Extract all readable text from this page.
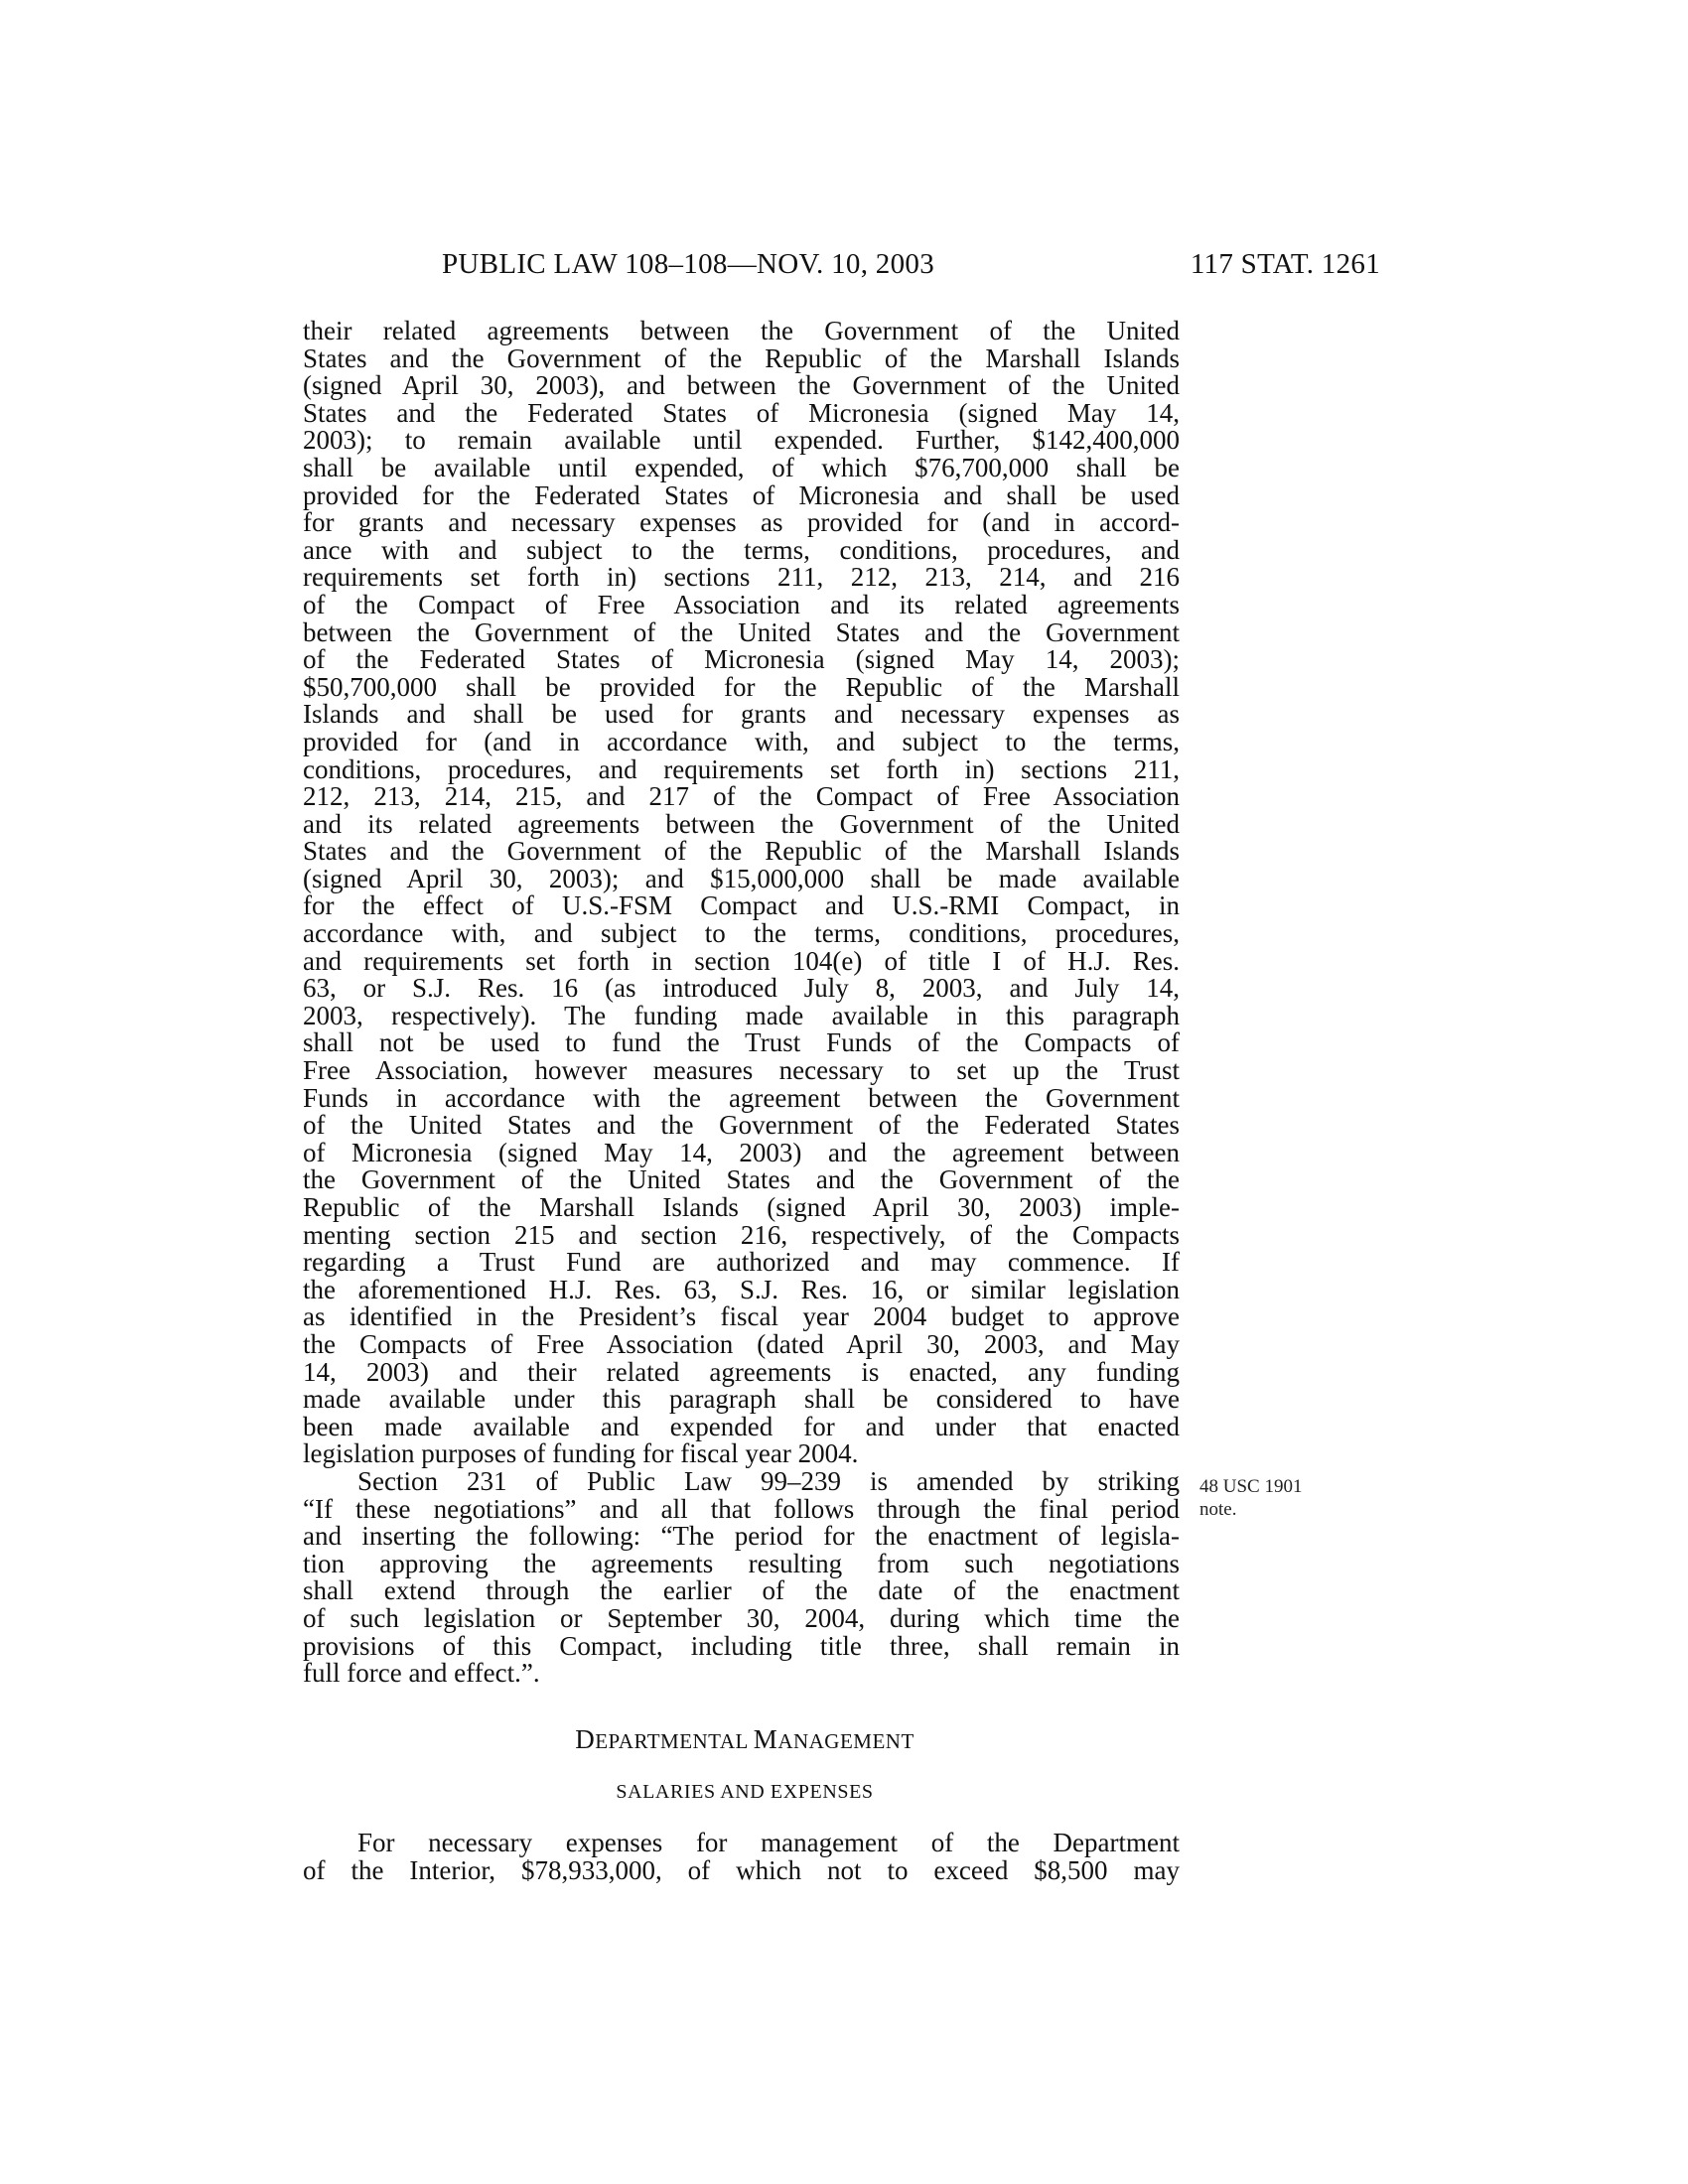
PUBLIC LAW 108–108—NOV. 10, 2003	117 STAT. 1261
their related agreements between the Government of the United
States and the Government of the Republic of the Marshall Islands
(signed April 30, 2003), and between the Government of the United
States and the Federated States of Micronesia (signed May 14,
2003); to remain available until expended. Further, $142,400,000
shall be available until expended, of which $76,700,000 shall be
provided for the Federated States of Micronesia and shall be used
for grants and necessary expenses as provided for (and in accord-
ance with and subject to the terms, conditions, procedures, and
requirements set forth in) sections 211, 212, 213, 214, and 216
of the Compact of Free Association and its related agreements
between the Government of the United States and the Government
of the Federated States of Micronesia (signed May 14, 2003);
$50,700,000 shall be provided for the Republic of the Marshall
Islands and shall be used for grants and necessary expenses as
provided for (and in accordance with, and subject to the terms,
conditions, procedures, and requirements set forth in) sections 211,
212, 213, 214, 215, and 217 of the Compact of Free Association
and its related agreements between the Government of the United
States and the Government of the Republic of the Marshall Islands
(signed April 30, 2003); and $15,000,000 shall be made available
for the effect of U.S.-FSM Compact and U.S.-RMI Compact, in
accordance with, and subject to the terms, conditions, procedures,
and requirements set forth in section 104(e) of title I of H.J. Res.
63, or S.J. Res. 16 (as introduced July 8, 2003, and July 14,
2003, respectively). The funding made available in this paragraph
shall not be used to fund the Trust Funds of the Compacts of
Free Association, however measures necessary to set up the Trust
Funds in accordance with the agreement between the Government
of the United States and the Government of the Federated States
of Micronesia (signed May 14, 2003) and the agreement between
the Government of the United States and the Government of the
Republic of the Marshall Islands (signed April 30, 2003) imple-
menting section 215 and section 216, respectively, of the Compacts
regarding a Trust Fund are authorized and may commence. If
the aforementioned H.J. Res. 63, S.J. Res. 16, or similar legislation
as identified in the President’s fiscal year 2004 budget to approve
the Compacts of Free Association (dated April 30, 2003, and May
14, 2003) and their related agreements is enacted, any funding
made available under this paragraph shall be considered to have
been made available and expended for and under that enacted
legislation purposes of funding for fiscal year 2004.
Section 231 of Public Law 99–239 is amended by striking
“If these negotiations” and all that follows through the final period
and inserting the following: “The period for the enactment of legisla-
tion approving the agreements resulting from such negotiations
shall extend through the earlier of the date of the enactment
of such legislation or September 30, 2004, during which time the
provisions of this Compact, including title three, shall remain in
full force and effect.”.
48 USC 1901
note.
DEPARTMENTAL MANAGEMENT
SALARIES AND EXPENSES
For necessary expenses for management of the Department
of the Interior, $78,933,000, of which not to exceed $8,500 may
